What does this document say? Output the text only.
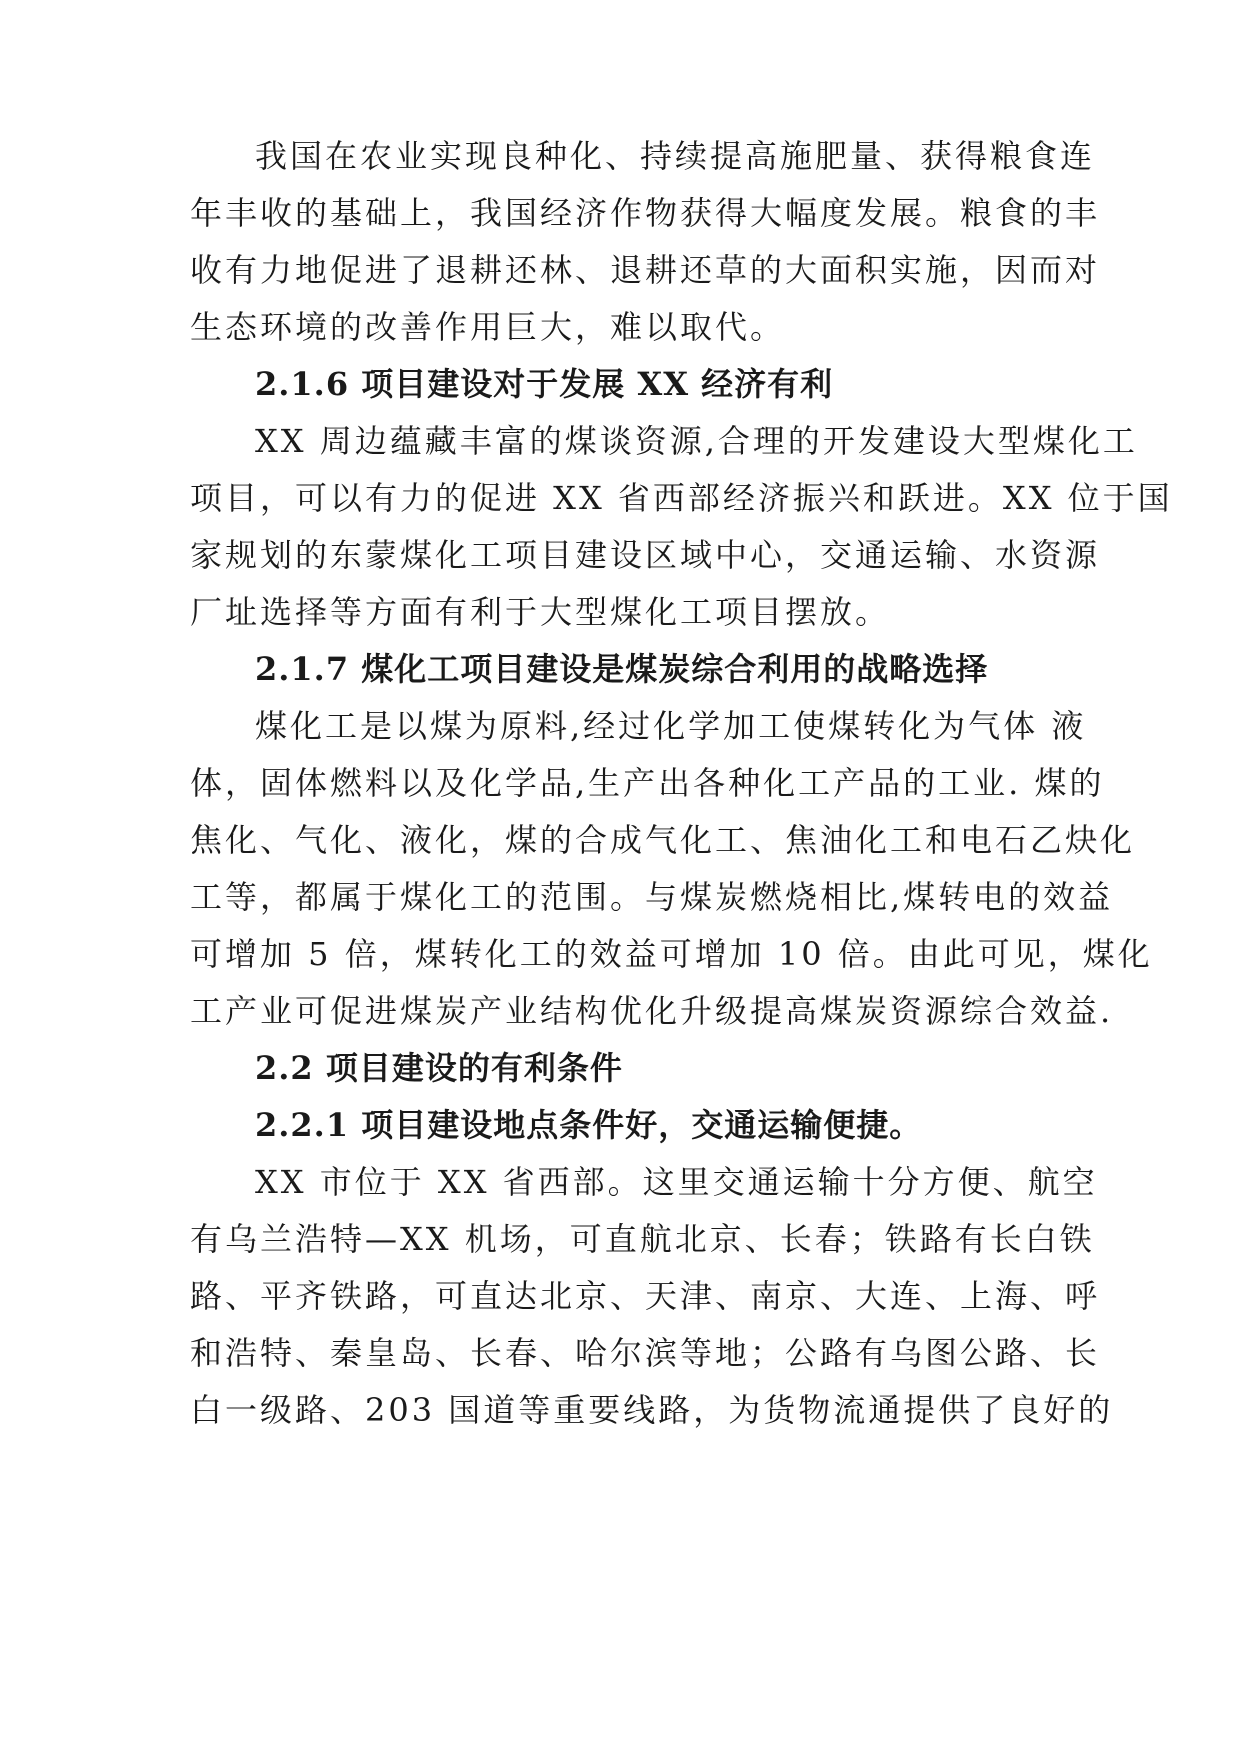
我国在农业实现良种化、持续提高施肥量、获得粮食连
年丰收的基础上，我国经济作物获得大幅度发展。粮食的丰
收有力地促进了退耕还林、退耕还草的大面积实施，因而对
生态环境的改善作用巨大，难以取代。
2.1.6 项目建设对于发展 XX 经济有利
XX 周边蕴藏丰富的煤谈资源,合理的开发建设大型煤化工
项目，可以有力的促进 XX 省西部经济振兴和跃进。XX 位于国
家规划的东蒙煤化工项目建设区域中心，交通运输、水资源
厂址选择等方面有利于大型煤化工项目摆放。
2.1.7 煤化工项目建设是煤炭综合利用的战略选择
煤化工是以煤为原料,经过化学加工使煤转化为气体 液
体，固体燃料以及化学品,生产出各种化工产品的工业. 煤的
焦化、气化、液化，煤的合成气化工、焦油化工和电石乙炔化
工等，都属于煤化工的范围。与煤炭燃烧相比,煤转电的效益
可增加 5 倍，煤转化工的效益可增加 10 倍。由此可见，煤化
工产业可促进煤炭产业结构优化升级提高煤炭资源综合效益.
2.2 项目建设的有利条件
2.2.1 项目建设地点条件好，交通运输便捷。
XX 市位于 XX 省西部。这里交通运输十分方便、航空
有乌兰浩特—XX 机场，可直航北京、长春；铁路有长白铁
路、平齐铁路，可直达北京、天津、南京、大连、上海、呼
和浩特、秦皇岛、长春、哈尔滨等地；公路有乌图公路、长
白一级路、203 国道等重要线路，为货物流通提供了良好的
